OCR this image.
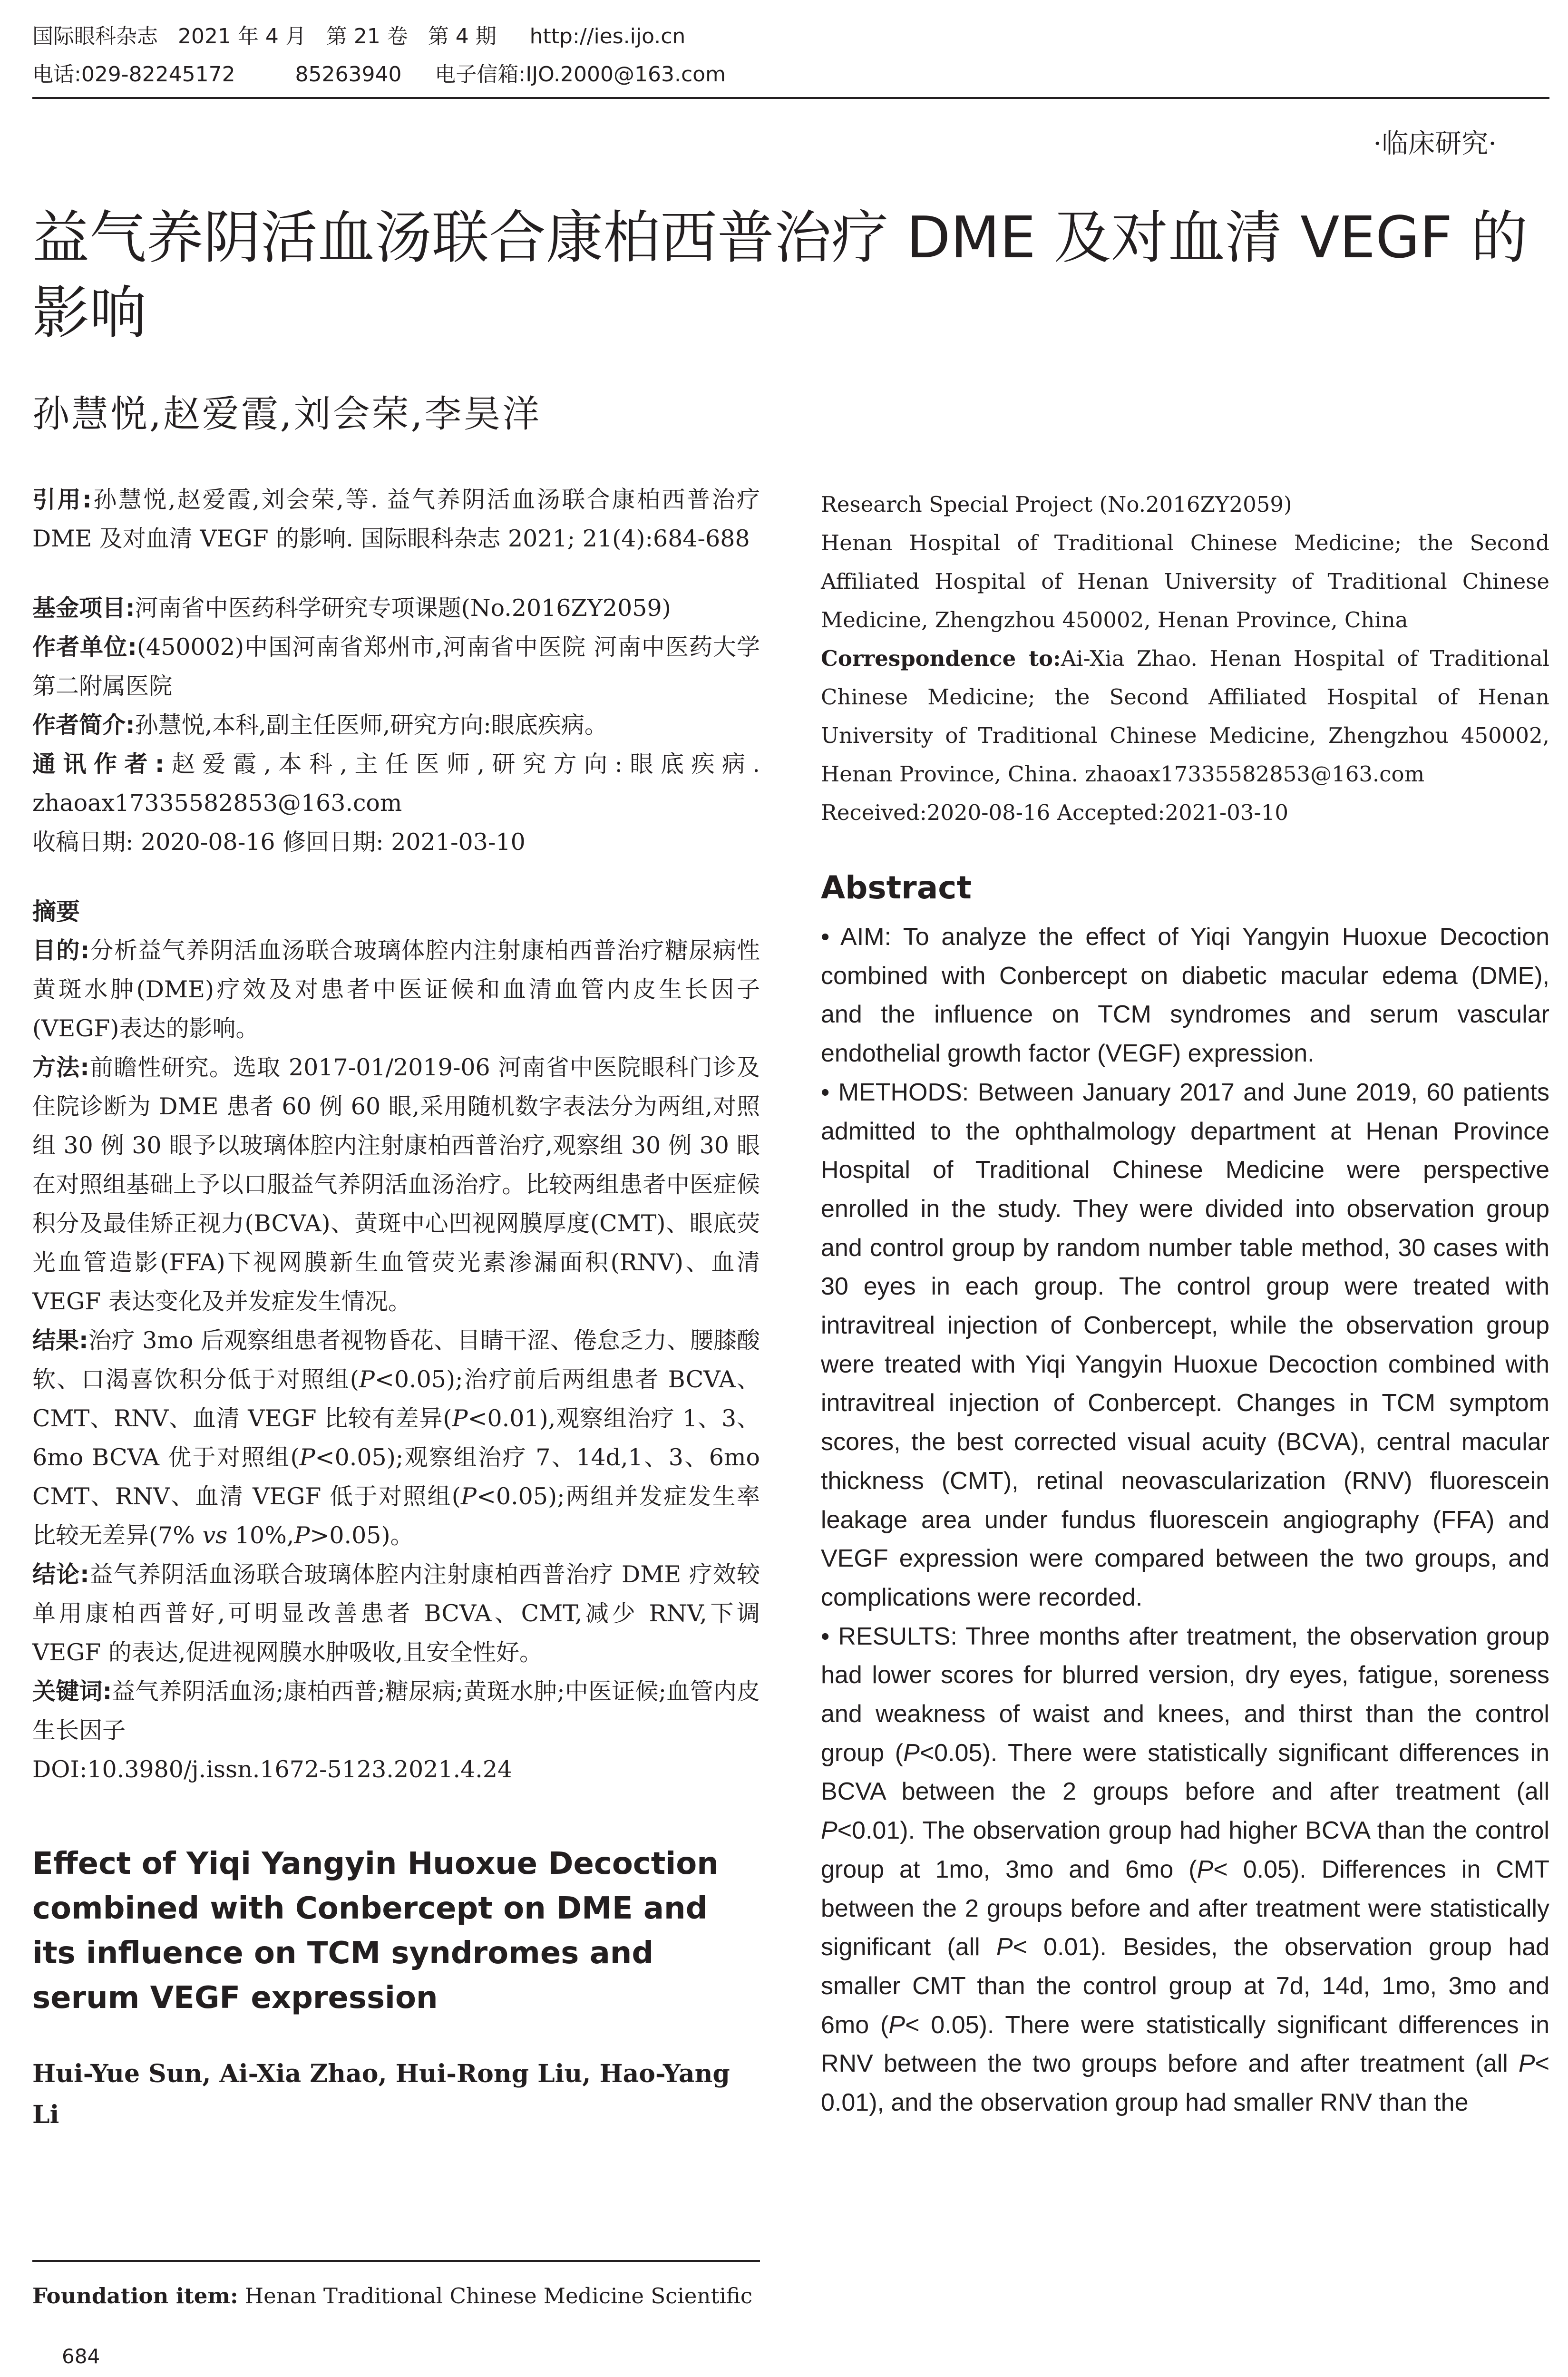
国际眼科杂志   2021 年 4 月   第 21 卷   第 4 期     http://ies.ijo.cn
电话:029-82245172         85263940     电子信箱:IJO.2000@163.com
·临床研究·
益气养阴活血汤联合康柏西普治疗 DME 及对血清 VEGF 的影响
孙慧悦,赵爱霞,刘会荣,李昊洋

引用:孙慧悦,赵爱霞,刘会荣,等. 益气养阴活血汤联合康柏西普治疗 DME 及对血清 VEGF 的影响. 国际眼科杂志 2021; 21(4):684-688

基金项目:河南省中医药科学研究专项课题(No.2016ZY2059)

作者单位:(450002)中国河南省郑州市,河南省中医院 河南中医药大学第二附属医院

作者简介:孙慧悦,本科,副主任医师,研究方向:眼底疾病。

通讯作者:赵爱霞,本科,主任医师,研究方向:眼底疾病. zhaoax17335582853@163.com

收稿日期: 2020-08-16 修回日期: 2021-03-10

摘要

目的:分析益气养阴活血汤联合玻璃体腔内注射康柏西普治疗糖尿病性黄斑水肿(DME)疗效及对患者中医证候和血清血管内皮生长因子(VEGF)表达的影响。

方法:前瞻性研究。选取 2017-01/2019-06 河南省中医院眼科门诊及住院诊断为 DME 患者 60 例 60 眼,采用随机数字表法分为两组,对照组 30 例 30 眼予以玻璃体腔内注射康柏西普治疗,观察组 30 例 30 眼在对照组基础上予以口服益气养阴活血汤治疗。比较两组患者中医症候积分及最佳矫正视力(BCVA)、黄斑中心凹视网膜厚度(CMT)、眼底荧光血管造影(FFA)下视网膜新生血管荧光素渗漏面积(RNV)、血清 VEGF 表达变化及并发症发生情况。

结果:治疗 3mo 后观察组患者视物昏花、目睛干涩、倦怠乏力、腰膝酸软、口渴喜饮积分低于对照组(P<0.05);治疗前后两组患者 BCVA、CMT、RNV、血清 VEGF 比较有差异(P<0.01),观察组治疗 1、3、6mo BCVA 优于对照组(P<0.05);观察组治疗 7、14d,1、3、6mo CMT、RNV、血清 VEGF 低于对照组(P<0.05);两组并发症发生率比较无差异(7% vs 10%,P>0.05)。

结论:益气养阴活血汤联合玻璃体腔内注射康柏西普治疗 DME 疗效较单用康柏西普好,可明显改善患者 BCVA、CMT,减少 RNV,下调 VEGF 的表达,促进视网膜水肿吸收,且安全性好。

关键词:益气养阴活血汤;康柏西普;糖尿病;黄斑水肿;中医证候;血管内皮生长因子

DOI:10.3980/j.issn.1672-5123.2021.4.24

Effect of Yiqi Yangyin Huoxue Decoction combined with Conbercept on DME and its influence on TCM syndromes and serum VEGF expression

Hui-Yue Sun, Ai-Xia Zhao, Hui-Rong Liu, Hao-Yang Li

Foundation item: Henan Traditional Chinese Medicine Scientific
684

Research Special Project (No.2016ZY2059)

Henan Hospital of Traditional Chinese Medicine; the Second Affiliated Hospital of Henan University of Traditional Chinese Medicine, Zhengzhou 450002, Henan Province, China

Correspondence to:Ai-Xia Zhao. Henan Hospital of Traditional Chinese Medicine; the Second Affiliated Hospital of Henan University of Traditional Chinese Medicine, Zhengzhou 450002, Henan Province, China. zhaoax17335582853@163.com

Received:2020-08-16 Accepted:2021-03-10

Abstract

• AIM: To analyze the effect of Yiqi Yangyin Huoxue Decoction combined with Conbercept on diabetic macular edema (DME), and the influence on TCM syndromes and serum vascular endothelial growth factor (VEGF) expression.

• METHODS: Between January 2017 and June 2019, 60 patients admitted to the ophthalmology department at Henan Province Hospital of Traditional Chinese Medicine were perspective enrolled in the study. They were divided into observation group and control group by random number table method, 30 cases with 30 eyes in each group. The control group were treated with intravitreal injection of Conbercept, while the observation group were treated with Yiqi Yangyin Huoxue Decoction combined with intravitreal injection of Conbercept. Changes in TCM symptom scores, the best corrected visual acuity (BCVA), central macular thickness (CMT), retinal neovascularization (RNV) fluorescein leakage area under fundus fluorescein angiography (FFA) and VEGF expression were compared between the two groups, and complications were recorded.

• RESULTS: Three months after treatment, the observation group had lower scores for blurred version, dry eyes, fatigue, soreness and weakness of waist and knees, and thirst than the control group (P<0.05). There were statistically significant differences in BCVA between the 2 groups before and after treatment (all P<0.01). The observation group had higher BCVA than the control group at 1mo, 3mo and 6mo (P< 0.05). Differences in CMT between the 2 groups before and after treatment were statistically significant (all P< 0.01). Besides, the observation group had smaller CMT than the control group at 7d, 14d, 1mo, 3mo and 6mo (P< 0.05). There were statistically significant differences in RNV between the two groups before and after treatment (all P< 0.01), and the observation group had smaller RNV than the
